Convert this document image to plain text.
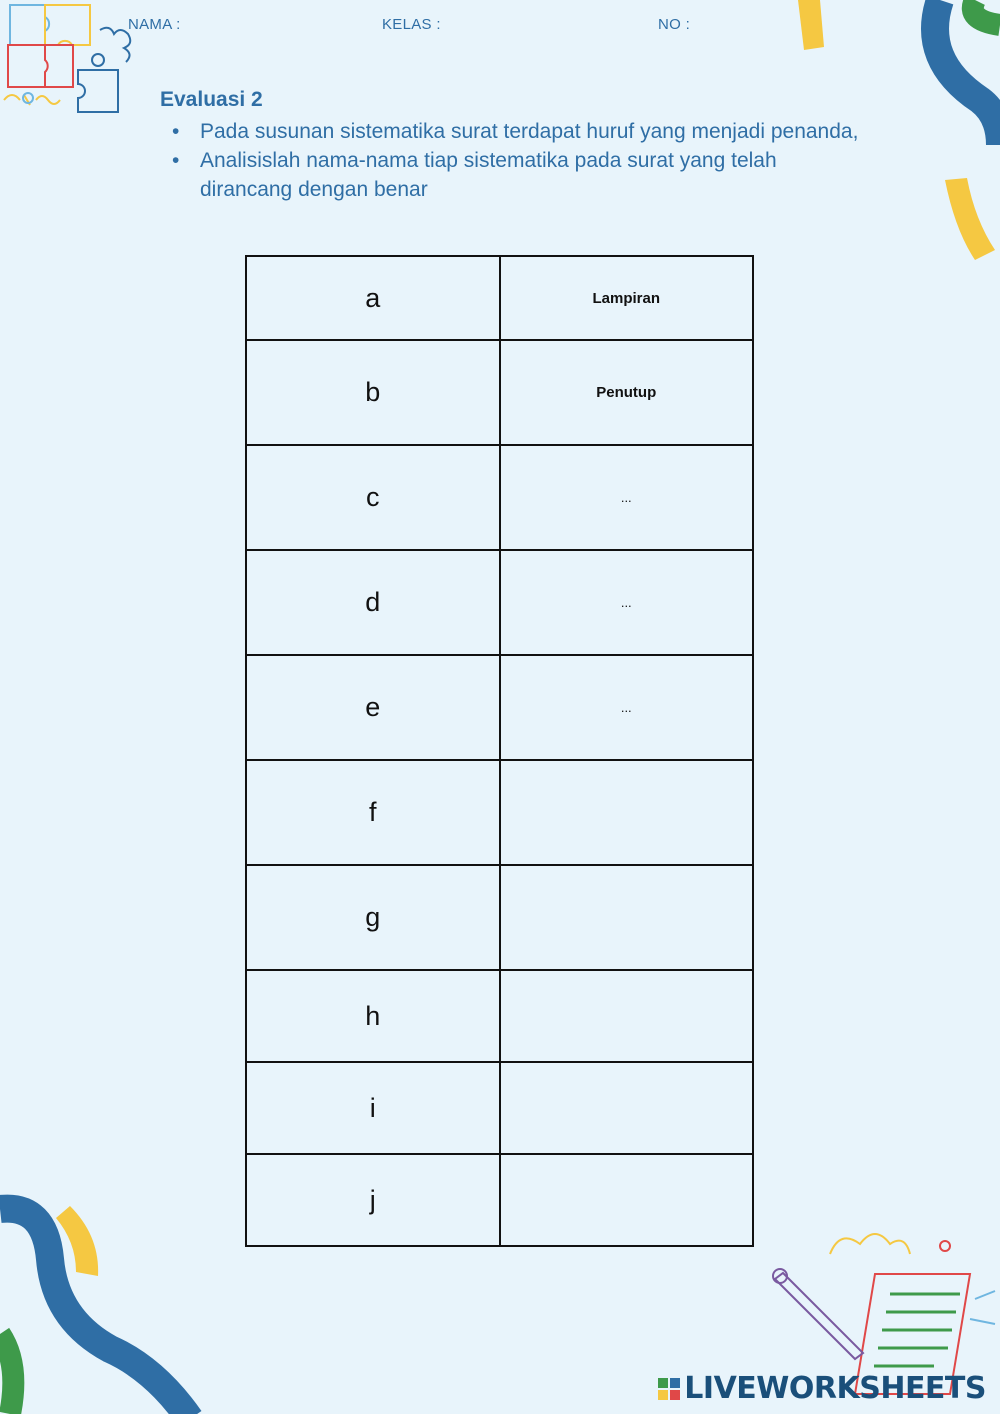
NAMA :	KELAS :	NO :
Evaluasi 2
• Pada susunan sistematika surat terdapat huruf yang menjadi penanda,
• Analisislah nama-nama tiap sistematika pada surat yang telah dirancang dengan benar
a	Lampiran
b	Penutup
c	...
d	...
e	...
f	
g	
h	
i	
j	
LIVEWORKSHEETS
